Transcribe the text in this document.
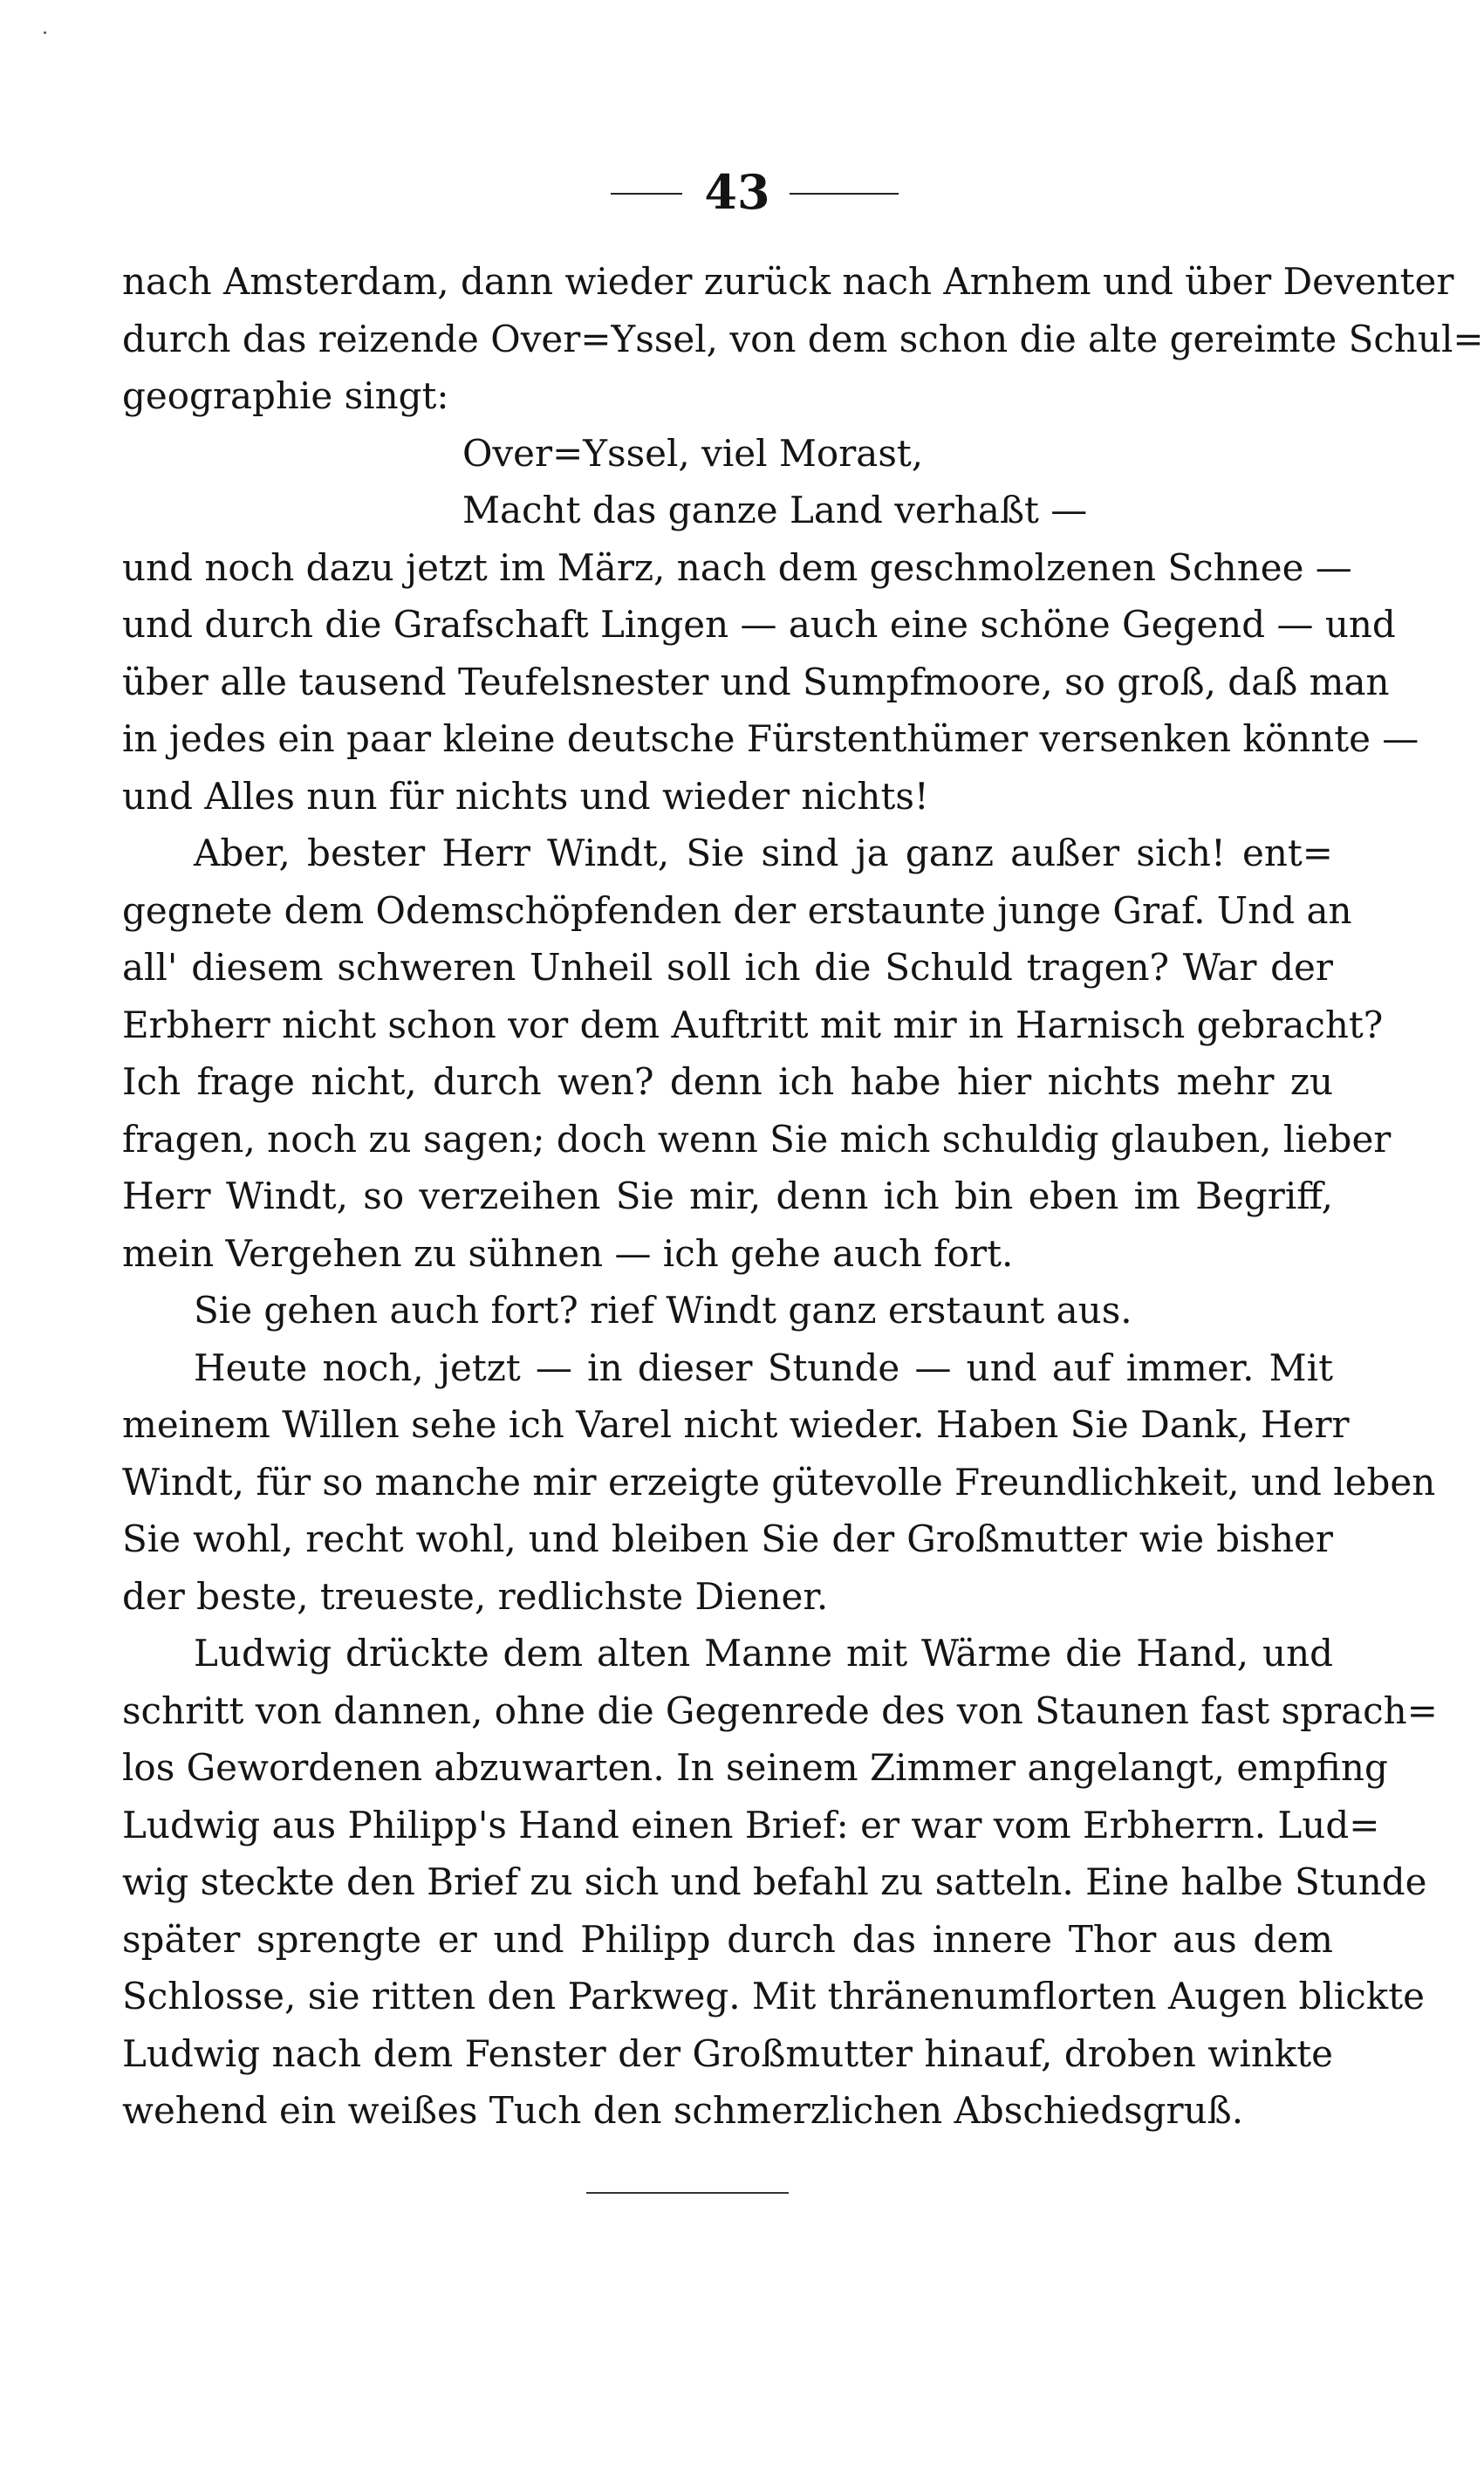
43
nach Amsterdam, dann wieder zurück nach Arnhem und über Deventer
durch das reizende Over=Yssel, von dem schon die alte gereimte Schul=
geographie singt:
Over=Yssel, viel Morast,
Macht das ganze Land verhaßt —
und noch dazu jetzt im März, nach dem geschmolzenen Schnee —
und durch die Grafschaft Lingen — auch eine schöne Gegend — und
über alle tausend Teufelsnester und Sumpfmoore, so groß, daß man
in jedes ein paar kleine deutsche Fürstenthümer versenken könnte —
und Alles nun für nichts und wieder nichts!
Aber, bester Herr Windt, Sie sind ja ganz außer sich! ent=
gegnete dem Odemschöpfenden der erstaunte junge Graf. Und an
all' diesem schweren Unheil soll ich die Schuld tragen? War der
Erbherr nicht schon vor dem Auftritt mit mir in Harnisch gebracht?
Ich frage nicht, durch wen? denn ich habe hier nichts mehr zu
fragen, noch zu sagen; doch wenn Sie mich schuldig glauben, lieber
Herr Windt, so verzeihen Sie mir, denn ich bin eben im Begriff,
mein Vergehen zu sühnen — ich gehe auch fort.
Sie gehen auch fort? rief Windt ganz erstaunt aus.
Heute noch, jetzt — in dieser Stunde — und auf immer. Mit
meinem Willen sehe ich Varel nicht wieder. Haben Sie Dank, Herr
Windt, für so manche mir erzeigte gütevolle Freundlichkeit, und leben
Sie wohl, recht wohl, und bleiben Sie der Großmutter wie bisher
der beste, treueste, redlichste Diener.
Ludwig drückte dem alten Manne mit Wärme die Hand, und
schritt von dannen, ohne die Gegenrede des von Staunen fast sprach=
los Gewordenen abzuwarten. In seinem Zimmer angelangt, empfing
Ludwig aus Philipp's Hand einen Brief: er war vom Erbherrn. Lud=
wig steckte den Brief zu sich und befahl zu satteln. Eine halbe Stunde
später sprengte er und Philipp durch das innere Thor aus dem
Schlosse, sie ritten den Parkweg. Mit thränenumflorten Augen blickte
Ludwig nach dem Fenster der Großmutter hinauf, droben winkte
wehend ein weißes Tuch den schmerzlichen Abschiedsgruß.
